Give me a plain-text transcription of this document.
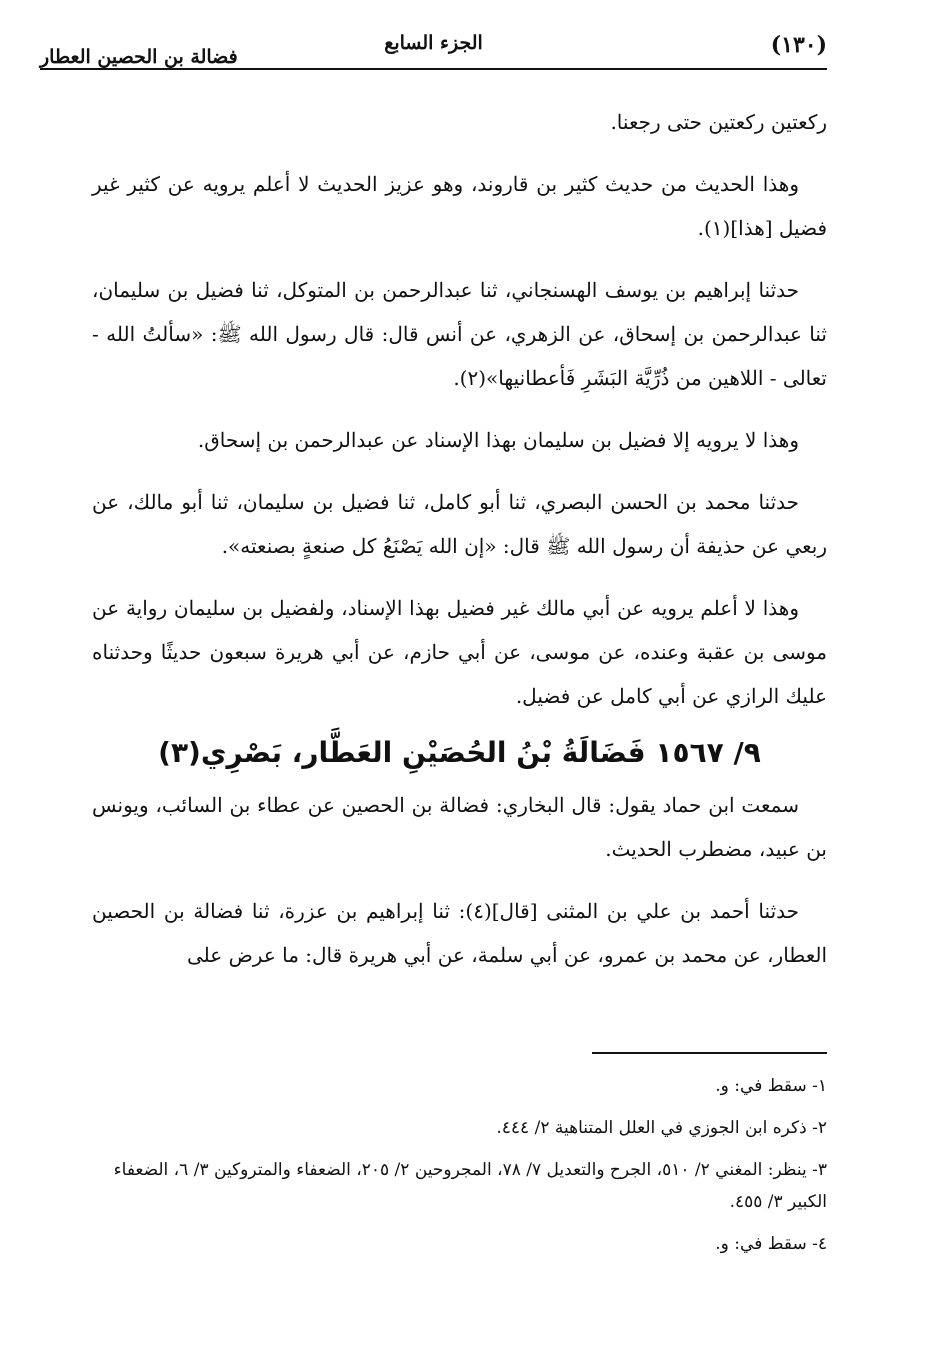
(١٣٠)
الجزء السابع
فضالة بن الحصين العطار

ركعتين ركعتين حتى رجعنا.

وهذا الحديث من حديث كثير بن قاروند، وهو عزيز الحديث لا أعلم يرويه عن كثير غير فضيل [هذا](١).

حدثنا إبراهيم بن يوسف الهسنجاني، ثنا عبدالرحمن بن المتوكل، ثنا فضيل بن سليمان، ثنا عبدالرحمن بن إسحاق، عن الزهري، عن أنس قال: قال رسول الله ﷺ: «سألتُ الله - تعالى - اللاهين من ذُرِّيَّة البَشَرِ فَأعطانيها»(٢).

وهذا لا يرويه إلا فضيل بن سليمان بهذا الإسناد عن عبدالرحمن بن إسحاق.

حدثنا محمد بن الحسن البصري، ثنا أبو كامل، ثنا فضيل بن سليمان، ثنا أبو مالك، عن ربعي عن حذيفة أن رسول الله ﷺ قال: «إن الله يَصْنَعُ كل صنعةٍ بصنعته».

وهذا لا أعلم يرويه عن أبي مالك غير فضيل بهذا الإسناد، ولفضيل بن سليمان رواية عن موسى بن عقبة وعنده، عن موسى، عن أبي حازم، عن أبي هريرة سبعون حديثًا وحدثناه عليك الرازي عن أبي كامل عن فضيل.

٩/ ١٥٦٧ فَضَالَةُ بْنُ الحُصَيْنِ العَطَّار، بَصْرِي(٣)

سمعت ابن حماد يقول: قال البخاري: فضالة بن الحصين عن عطاء بن السائب، ويونس بن عبيد، مضطرب الحديث.

حدثنا أحمد بن علي بن المثنى [قال](٤): ثنا إبراهيم بن عزرة، ثنا فضالة بن الحصين العطار، عن محمد بن عمرو، عن أبي سلمة، عن أبي هريرة قال: ما عرض على

١- سقط في: و.

٢- ذكره ابن الجوزي في العلل المتناهية ٢/ ٤٤٤.

٣- ينظر: المغني ٢/ ٥١٠، الجرح والتعديل ٧/ ٧٨، المجروحين ٢/ ٢٠٥، الضعفاء والمتروكين ٣/ ٦، الضعفاء الكبير ٣/ ٤٥٥.

٤- سقط في: و.
